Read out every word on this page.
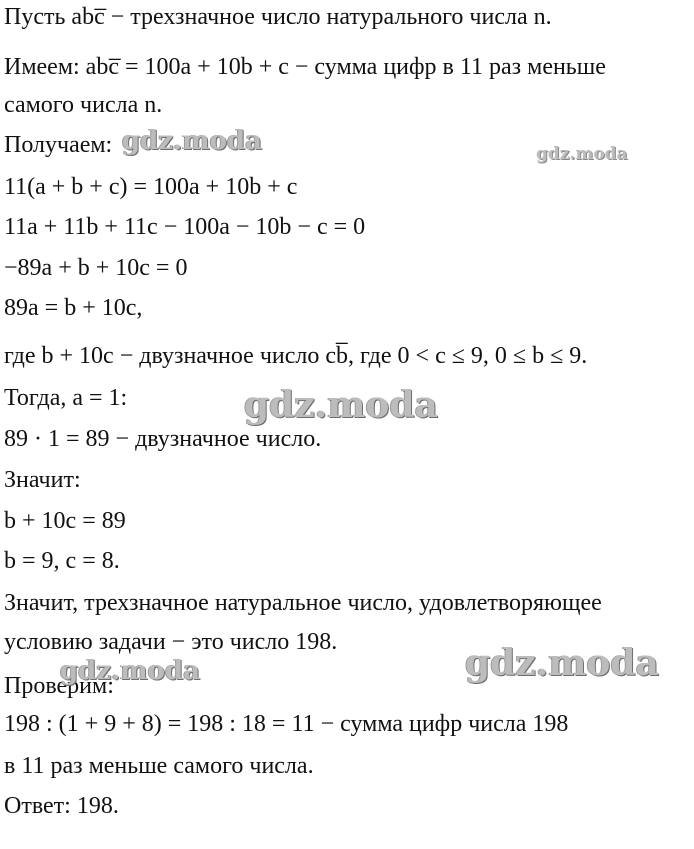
Пусть abc̅ − трехзначное число натурального числа n.
Имеем: abc̅ = 100a + 10b + c − сумма цифр в 11 раз меньше
самого числа n.
Получаем:
11(a + b + c) = 100a + 10b + c
11a + 11b + 11c − 100a − 10b − c = 0
−89a + b + 10c = 0
89a = b + 10c,
где b + 10c − двузначное число cb̅, где 0 < c ≤ 9, 0 ≤ b ≤ 9.
Тогда, a = 1:
89 · 1 = 89 − двузначное число.
Значит:
b + 10c = 89
b = 9, c = 8.
Значит, трехзначное натуральное число, удовлетворяющее
условию задачи − это число 198.
Проверим:
198 : (1 + 9 + 8) = 198 : 18 = 11 − сумма цифр числа 198
в 11 раз меньше самого числа.
Ответ: 198.
gdz.moda	gdz.moda
gdz.moda
gdz.moda	gdz.moda
